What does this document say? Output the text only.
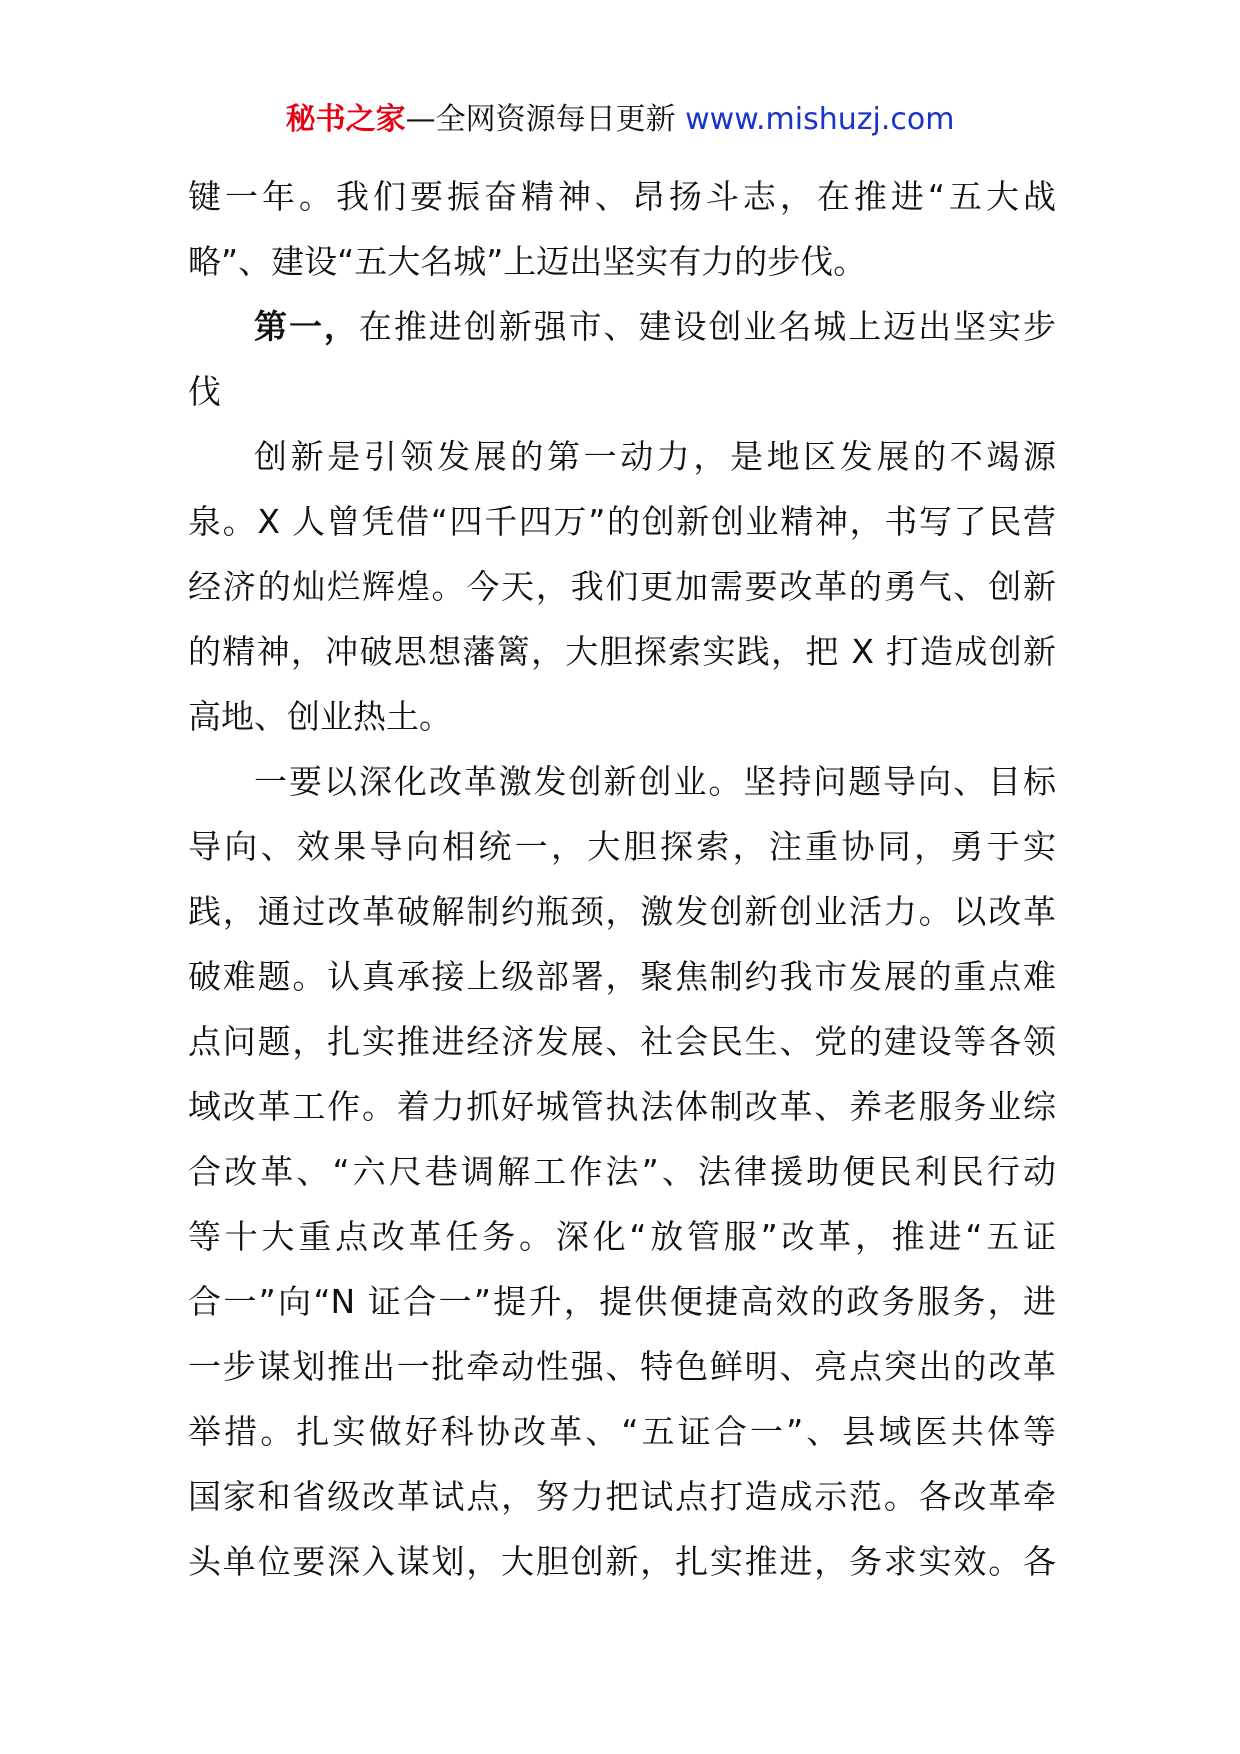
秘书之家—全网资源每日更新 www.mishuzj.com
键一年。我们要振奋精神、昂扬斗志，在推进“五大战
略”、建设“五大名城”上迈出坚实有力的步伐。
第一，在推进创新强市、建设创业名城上迈出坚实步
伐
创新是引领发展的第一动力，是地区发展的不竭源
泉。X 人曾凭借“四千四万”的创新创业精神，书写了民营
经济的灿烂辉煌。今天，我们更加需要改革的勇气、创新
的精神，冲破思想藩篱，大胆探索实践，把 X 打造成创新
高地、创业热土。
一要以深化改革激发创新创业。坚持问题导向、目标
导向、效果导向相统一，大胆探索，注重协同，勇于实
践，通过改革破解制约瓶颈，激发创新创业活力。以改革
破难题。认真承接上级部署，聚焦制约我市发展的重点难
点问题，扎实推进经济发展、社会民生、党的建设等各领
域改革工作。着力抓好城管执法体制改革、养老服务业综
合改革、“六尺巷调解工作法”、法律援助便民利民行动
等十大重点改革任务。深化“放管服”改革，推进“五证
合一”向“N 证合一”提升，提供便捷高效的政务服务，进
一步谋划推出一批牵动性强、特色鲜明、亮点突出的改革
举措。扎实做好科协改革、“五证合一”、县域医共体等
国家和省级改革试点，努力把试点打造成示范。各改革牵
头单位要深入谋划，大胆创新，扎实推进，务求实效。各
